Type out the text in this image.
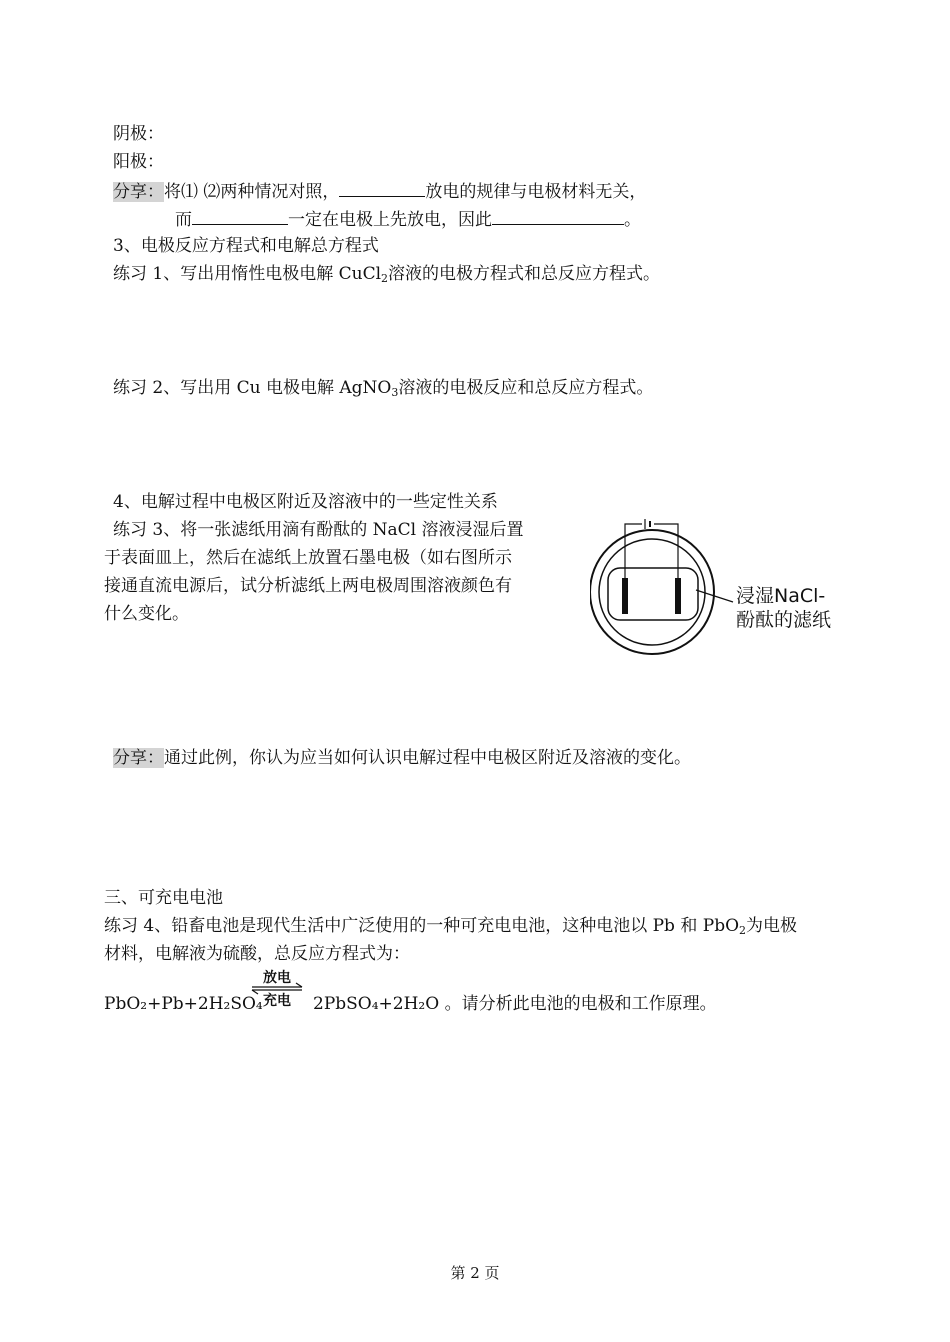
阴极：
阳极：
分享：将⑴ ⑵两种情况对照，	放电的规律与电极材料无关，
而	一定在电极上先放电，因此	。
3、电极反应方程式和电解总方程式
练习 1、写出用惰性电极电解 CuCl$_2$溶液的电极方程式和总反应方程式。
练习 2、写出用 Cu 电极电解 AgNO$_3$溶液的电极反应和总反应方程式。
4、电解过程中电极区附近及溶液中的一些定性关系
练习 3、将一张滤纸用滴有酚酞的 NaCl 溶液浸湿后置
于表面皿上，然后在滤纸上放置石墨电极（如右图所示
接通直流电源后，试分析滤纸上两电极周围溶液颜色有
什么变化。
浸湿NaCl-
酚酞的滤纸
分享：通过此例，你认为应当如何认识电解过程中电极区附近及溶液的变化。
三、可充电电池
练习 4、铅畜电池是现代生活中广泛使用的一种可充电电池，这种电池以 Pb 和 PbO$_2$为电极
材料，电解液为硫酸，总反应方程式为：
PbO₂+Pb+2H₂SO₄
放电
充电 2PbSO₄+2H₂O 。请分析此电池的电极和工作原理。
第 2 页
